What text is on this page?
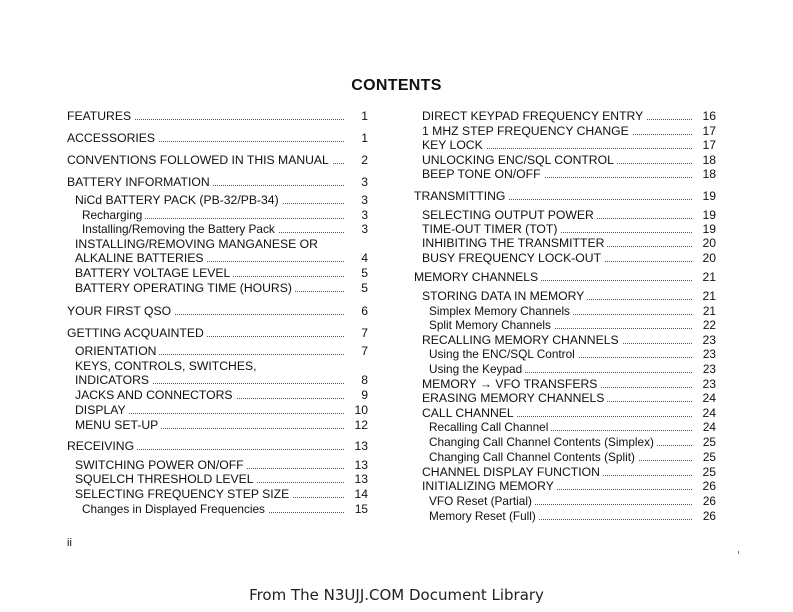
CONTENTS
FEATURES	1
ACCESSORIES	1
CONVENTIONS FOLLOWED IN THIS MANUAL	2
BATTERY INFORMATION	3
NiCd BATTERY PACK (PB-32/PB-34)	3
Recharging	3
Installing/Removing the Battery Pack	3
INSTALLING/REMOVING MANGANESE OR
ALKALINE BATTERIES	4
BATTERY VOLTAGE LEVEL	5
BATTERY OPERATING TIME (HOURS)	5
YOUR FIRST QSO	6
GETTING ACQUAINTED	7
ORIENTATION	7
KEYS, CONTROLS, SWITCHES,
INDICATORS	8
JACKS AND CONNECTORS	9
DISPLAY	10
MENU SET-UP	12
RECEIVING	13
SWITCHING POWER ON/OFF	13
SQUELCH THRESHOLD LEVEL	13
SELECTING FREQUENCY STEP SIZE	14
Changes in Displayed Frequencies	15
DIRECT KEYPAD FREQUENCY ENTRY	16
1 MHZ STEP FREQUENCY CHANGE	17
KEY LOCK	17
UNLOCKING ENC/SQL CONTROL	18
BEEP TONE ON/OFF	18
TRANSMITTING	19
SELECTING OUTPUT POWER	19
TIME-OUT TIMER (TOT)	19
INHIBITING THE TRANSMITTER	20
BUSY FREQUENCY LOCK-OUT	20
MEMORY CHANNELS	21
STORING DATA IN MEMORY	21
Simplex Memory Channels	21
Split Memory Channels	22
RECALLING MEMORY CHANNELS	23
Using the ENC/SQL Control	23
Using the Keypad	23
MEMORY → VFO TRANSFERS	23
ERASING MEMORY CHANNELS	24
CALL CHANNEL	24
Recalling Call Channel	24
Changing Call Channel Contents (Simplex)	25
Changing Call Channel Contents (Split)	25
CHANNEL DISPLAY FUNCTION	25
INITIALIZING MEMORY	26
VFO Reset (Partial)	26
Memory Reset (Full)	26
ii
From The N3UJJ.COM Document Library
